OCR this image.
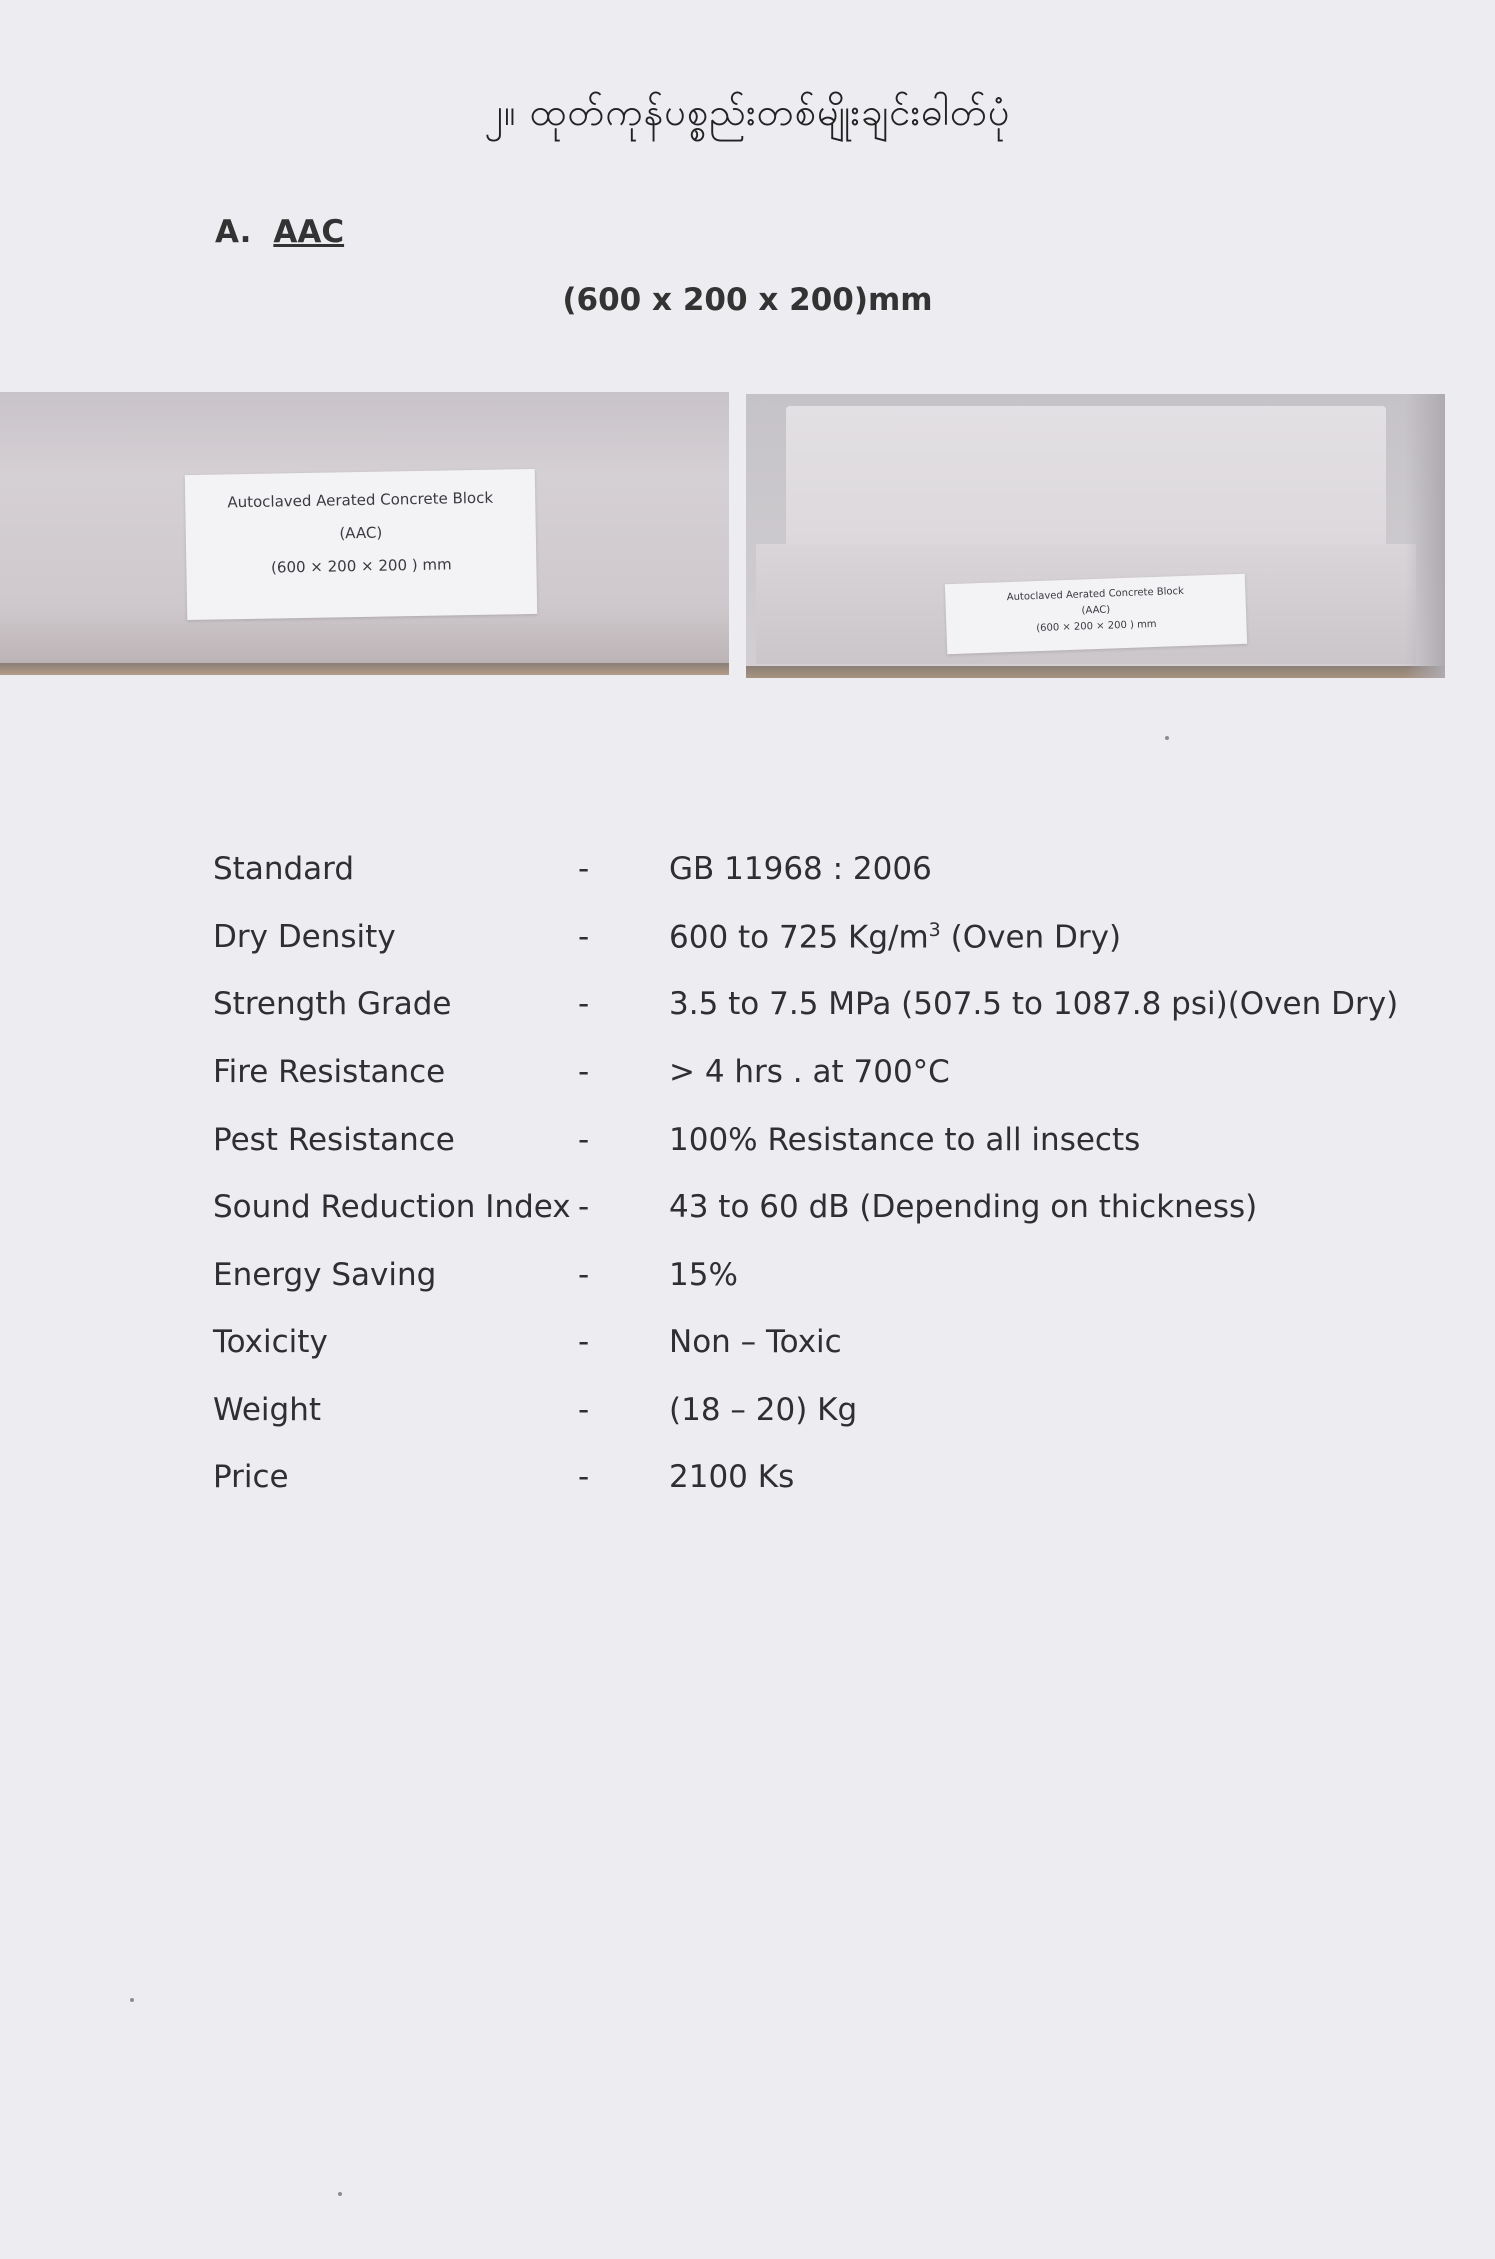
၂။ ထုတ်ကုန်ပစ္စည်းတစ်မျိုးချင်းဓါတ်ပုံ
A. AAC
(600 x 200 x 200)mm
Autoclaved Aerated Concrete Block
(AAC)
(600 × 200 × 200 ) mm
Autoclaved Aerated Concrete Block
(AAC)
(600 × 200 × 200 ) mm
Standard	-	GB 11968 : 2006
Dry Density	-	600 to 725 $Kg/m^3$ (Oven Dry)
Strength Grade	-	3.5 to 7.5 MPa (507.5 to 1087.8 psi)(Oven Dry)
Fire Resistance	-	> 4 hrs . at 700°C
Pest Resistance	-	100% Resistance to all insects
Sound Reduction Index -	43 to 60 dB (Depending on thickness)
Energy Saving	-	15%
Toxicity	-	Non – Toxic
Weight	-	(18 – 20) Kg
Price	-	2100 Ks
